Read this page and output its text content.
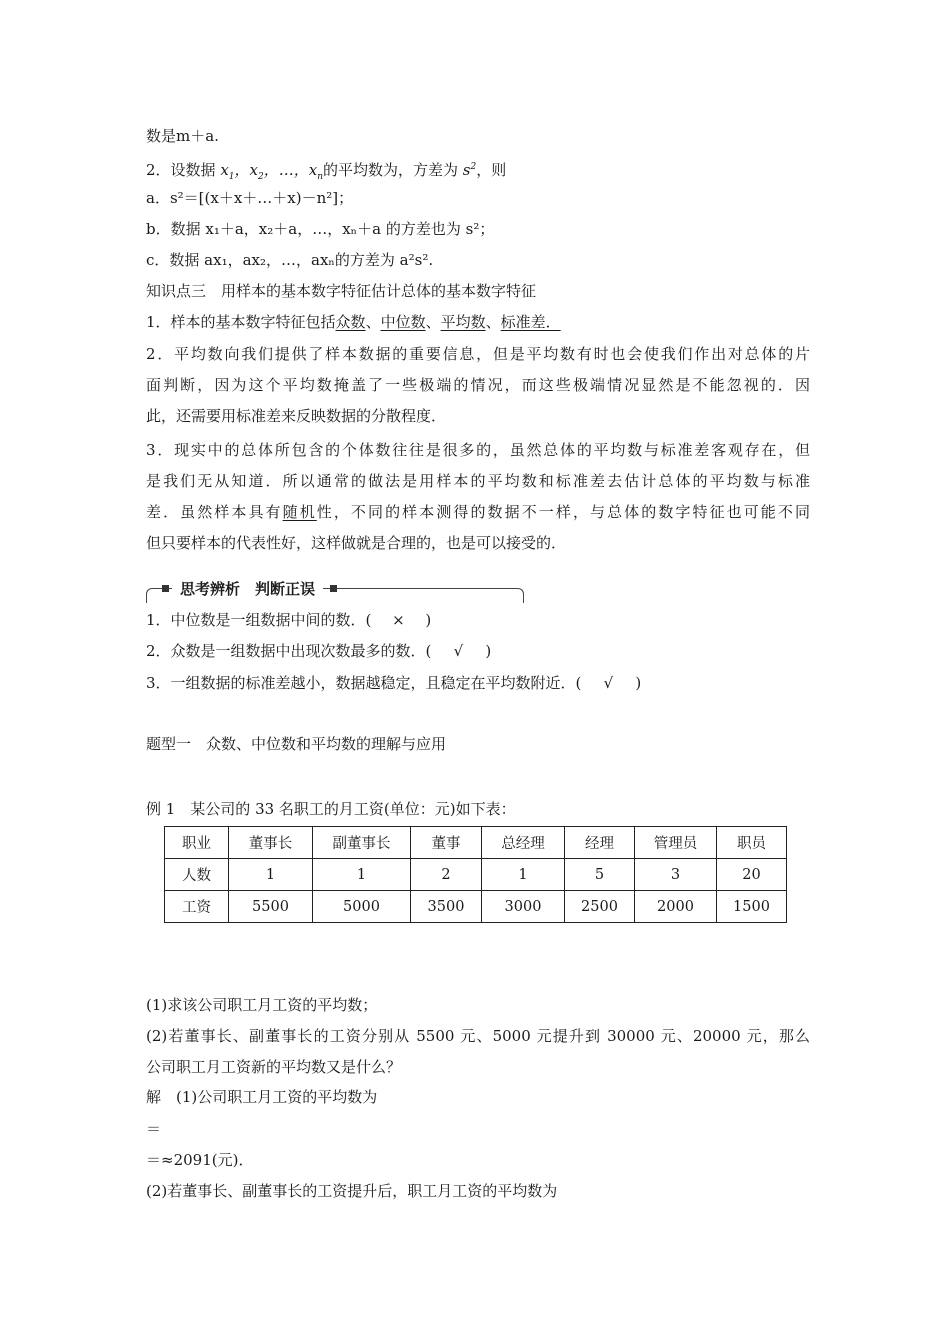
数是m＋a.
2．设数据 $x_1$，$x_2$，…，$x_n$的平均数为，方差为 $s^2$，则
a．s²＝[(x＋x＋…＋x)－n²]；
b．数据 x₁＋a，x₂＋a，…，xₙ＋a 的方差也为 s²；
c．数据 ax₁，ax₂，…，axₙ的方差为 a²s².
知识点三　用样本的基本数字特征估计总体的基本数字特征
1．样本的基本数字特征包括众数、中位数、平均数、标准差．
2．平均数向我们提供了样本数据的重要信息，但是平均数有时也会使我们作出对总体的片
面判断，因为这个平均数掩盖了一些极端的情况，而这些极端情况显然是不能忽视的．因
此，还需要用标准差来反映数据的分散程度．
3．现实中的总体所包含的个体数往往是很多的，虽然总体的平均数与标准差客观存在，但
是我们无从知道．所以通常的做法是用样本的平均数和标准差去估计总体的平均数与标准
差．虽然样本具有随机性，不同的样本测得的数据不一样，与总体的数字特征也可能不同
但只要样本的代表性好，这样做就是合理的，也是可以接受的．
思考辨析　判断正误
1．中位数是一组数据中间的数．( × )
2．众数是一组数据中出现次数最多的数．( √ )
3．一组数据的标准差越小，数据越稳定，且稳定在平均数附近．( √ )
题型一　众数、中位数和平均数的理解与应用
例 1　某公司的 33 名职工的月工资(单位：元)如下表：
职业	董事长	副董事长	董事	总经理	经理	管理员	职员
人数	1	1	2	1	5	3	20
工资	5500	5000	3500	3000	2500	2000	1500
(1)求该公司职工月工资的平均数；
(2)若董事长、副董事长的工资分别从 5500 元、5000 元提升到 30000 元、20000 元，那么
公司职工月工资新的平均数又是什么？
解　(1)公司职工月工资的平均数为
＝
＝≈2091(元)．
(2)若董事长、副董事长的工资提升后，职工月工资的平均数为
